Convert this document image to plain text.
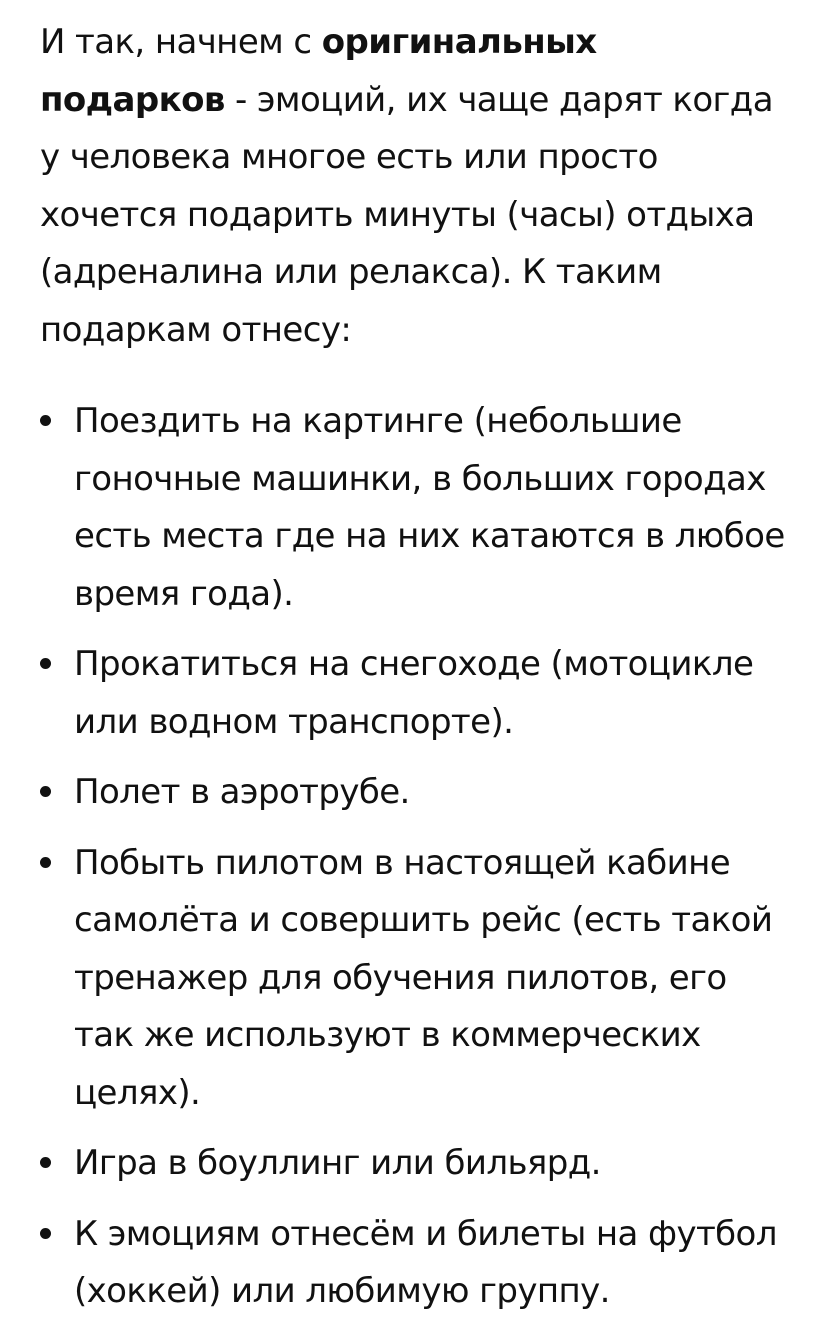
И так, начнем с оригинальных подарков - эмоций, их чаще дарят когда у человека многое есть или просто хочется подарить минуты (часы) отдыха (адреналина или релакса). К таким подаркам отнесу:

Поездить на картинге (небольшие гоночные машинки, в больших городах есть места где на них катаются в любое время года).
Прокатиться на снегоходе (мотоцикле или водном транспорте).
Полет в аэротрубе.
Побыть пилотом в настоящей кабине самолёта и совершить рейс (есть такой тренажер для обучения пилотов, его так же используют в коммерческих целях).
Игра в боуллинг или бильярд.
К эмоциям отнесём и билеты на футбол (хоккей) или любимую группу.
